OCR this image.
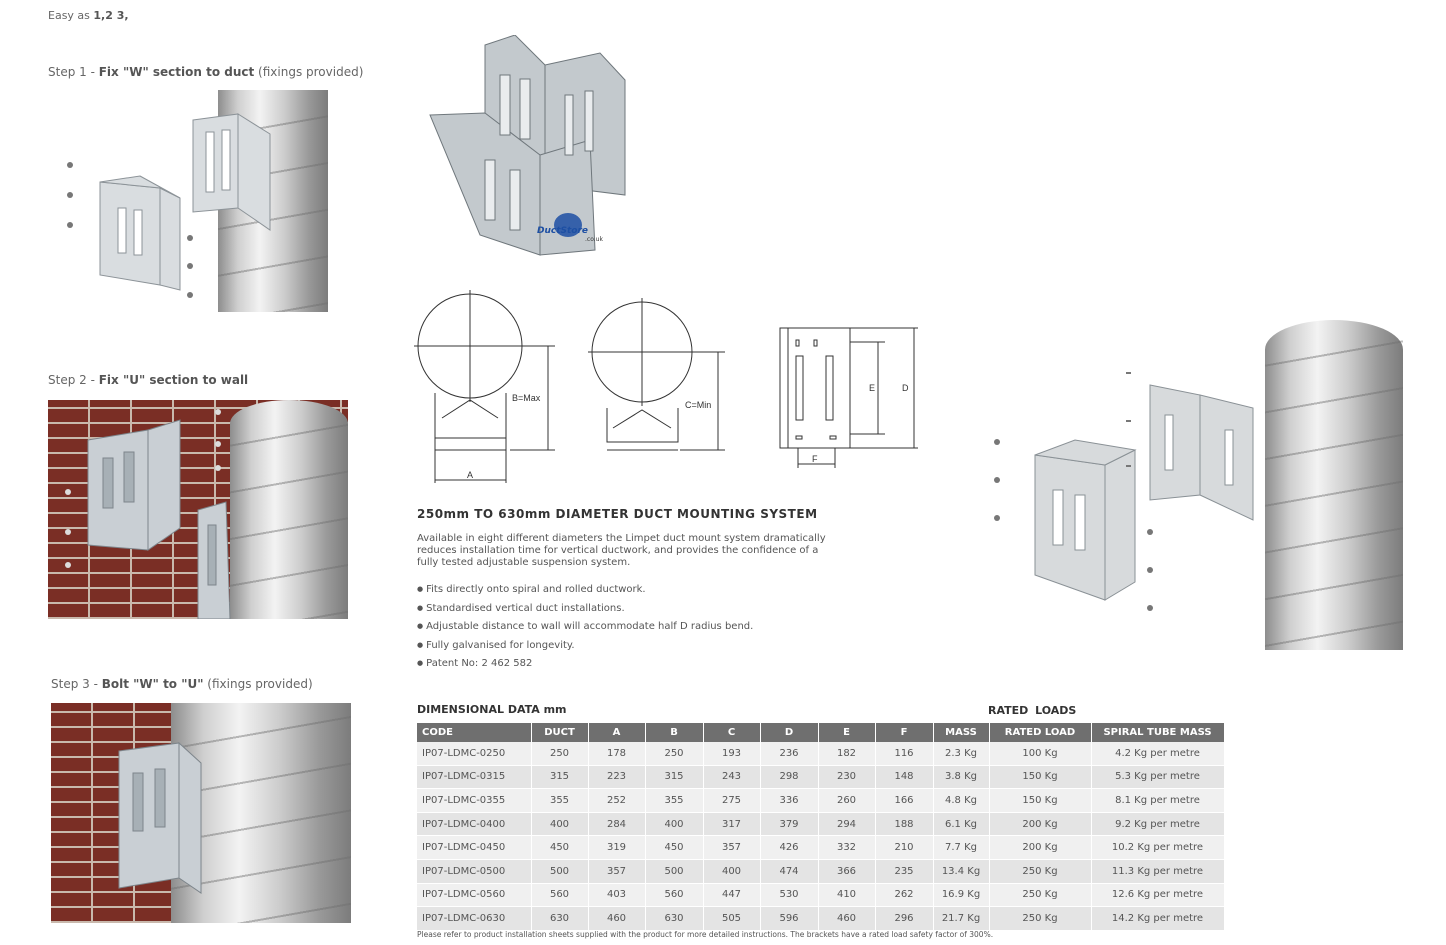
Easy as 1,2 3,
Step 1 - Fix "W" section to duct (fixings provided)
Step 2 - Fix "U" section to wall
Step 3 - Bolt "W" to "U" (fixings provided)
DuctStore
.co.uk
B=Max
A
C=Min
E	D
F
250mm TO 630mm DIAMETER DUCT MOUNTING SYSTEM
Available in eight different diameters the Limpet duct mount system dramatically reduces installation time for vertical ductwork, and provides the confidence of a fully tested adjustable suspension system.
● Fits directly onto spiral and rolled ductwork.
● Standardised vertical duct installations.
● Adjustable distance to wall will accommodate half D radius bend.
● Fully galvanised for longevity.
● Patent No: 2 462 582
DIMENSIONAL DATA mm	RATED LOADS
CODE	DUCT	A	B	C	D	E	F	MASS	RATED LOAD	SPIRAL TUBE MASS
IP07-LDMC-0250	250	178	250	193	236	182	116	2.3 Kg	100 Kg	4.2 Kg per metre
IP07-LDMC-0315	315	223	315	243	298	230	148	3.8 Kg	150 Kg	5.3 Kg per metre
IP07-LDMC-0355	355	252	355	275	336	260	166	4.8 Kg	150 Kg	8.1 Kg per metre
IP07-LDMC-0400	400	284	400	317	379	294	188	6.1 Kg	200 Kg	9.2 Kg per metre
IP07-LDMC-0450	450	319	450	357	426	332	210	7.7 Kg	200 Kg	10.2 Kg per metre
IP07-LDMC-0500	500	357	500	400	474	366	235	13.4 Kg	250 Kg	11.3 Kg per metre
IP07-LDMC-0560	560	403	560	447	530	410	262	16.9 Kg	250 Kg	12.6 Kg per metre
IP07-LDMC-0630	630	460	630	505	596	460	296	21.7 Kg	250 Kg	14.2 Kg per metre
Please refer to product installation sheets supplied with the product for more detailed instructions. The brackets have a rated load safety factor of 300%.
